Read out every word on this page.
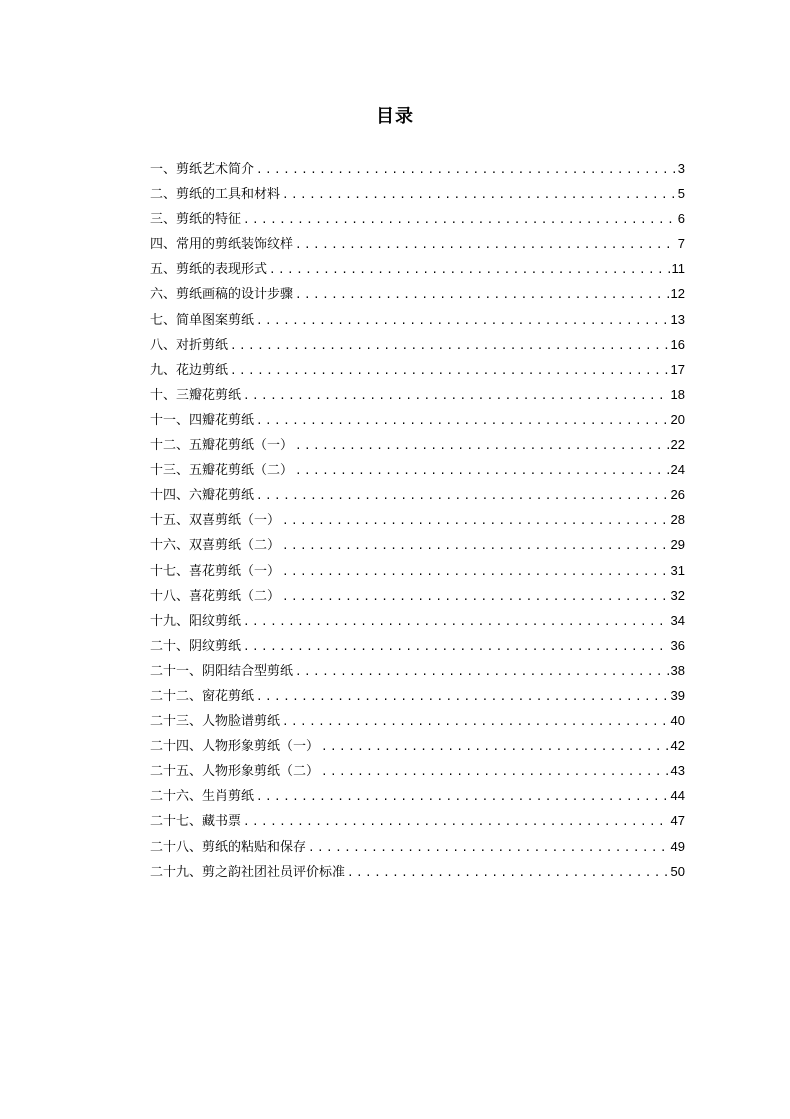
目录
一、剪纸艺术简介 .....	3
二、剪纸的工具和材料 .....	5
三、剪纸的特征 .....	6
四、常用的剪纸装饰纹样 .....	7
五、剪纸的表现形式 .....	11
六、剪纸画稿的设计步骤 .....	12
七、简单图案剪纸 .....	13
八、对折剪纸 .....	16
九、花边剪纸 .....	17
十、三瓣花剪纸 .....	18
十一、四瓣花剪纸 .....	20
十二、五瓣花剪纸（一） .....	22
十三、五瓣花剪纸（二） .....	24
十四、六瓣花剪纸 .....	26
十五、双喜剪纸（一） .....	28
十六、双喜剪纸（二） .....	29
十七、喜花剪纸（一） .....	31
十八、喜花剪纸（二） .....	32
十九、阳纹剪纸 .....	34
二十、阴纹剪纸 .....	36
二十一、阴阳结合型剪纸 .....	38
二十二、窗花剪纸 .....	39
二十三、人物脸谱剪纸 .....	40
二十四、人物形象剪纸（一） .....	42
二十五、人物形象剪纸（二） .....	43
二十六、生肖剪纸 .....	44
二十七、藏书票 .....	47
二十八、剪纸的粘贴和保存 .....	49
二十九、剪之韵社团社员评价标准 .....	50
